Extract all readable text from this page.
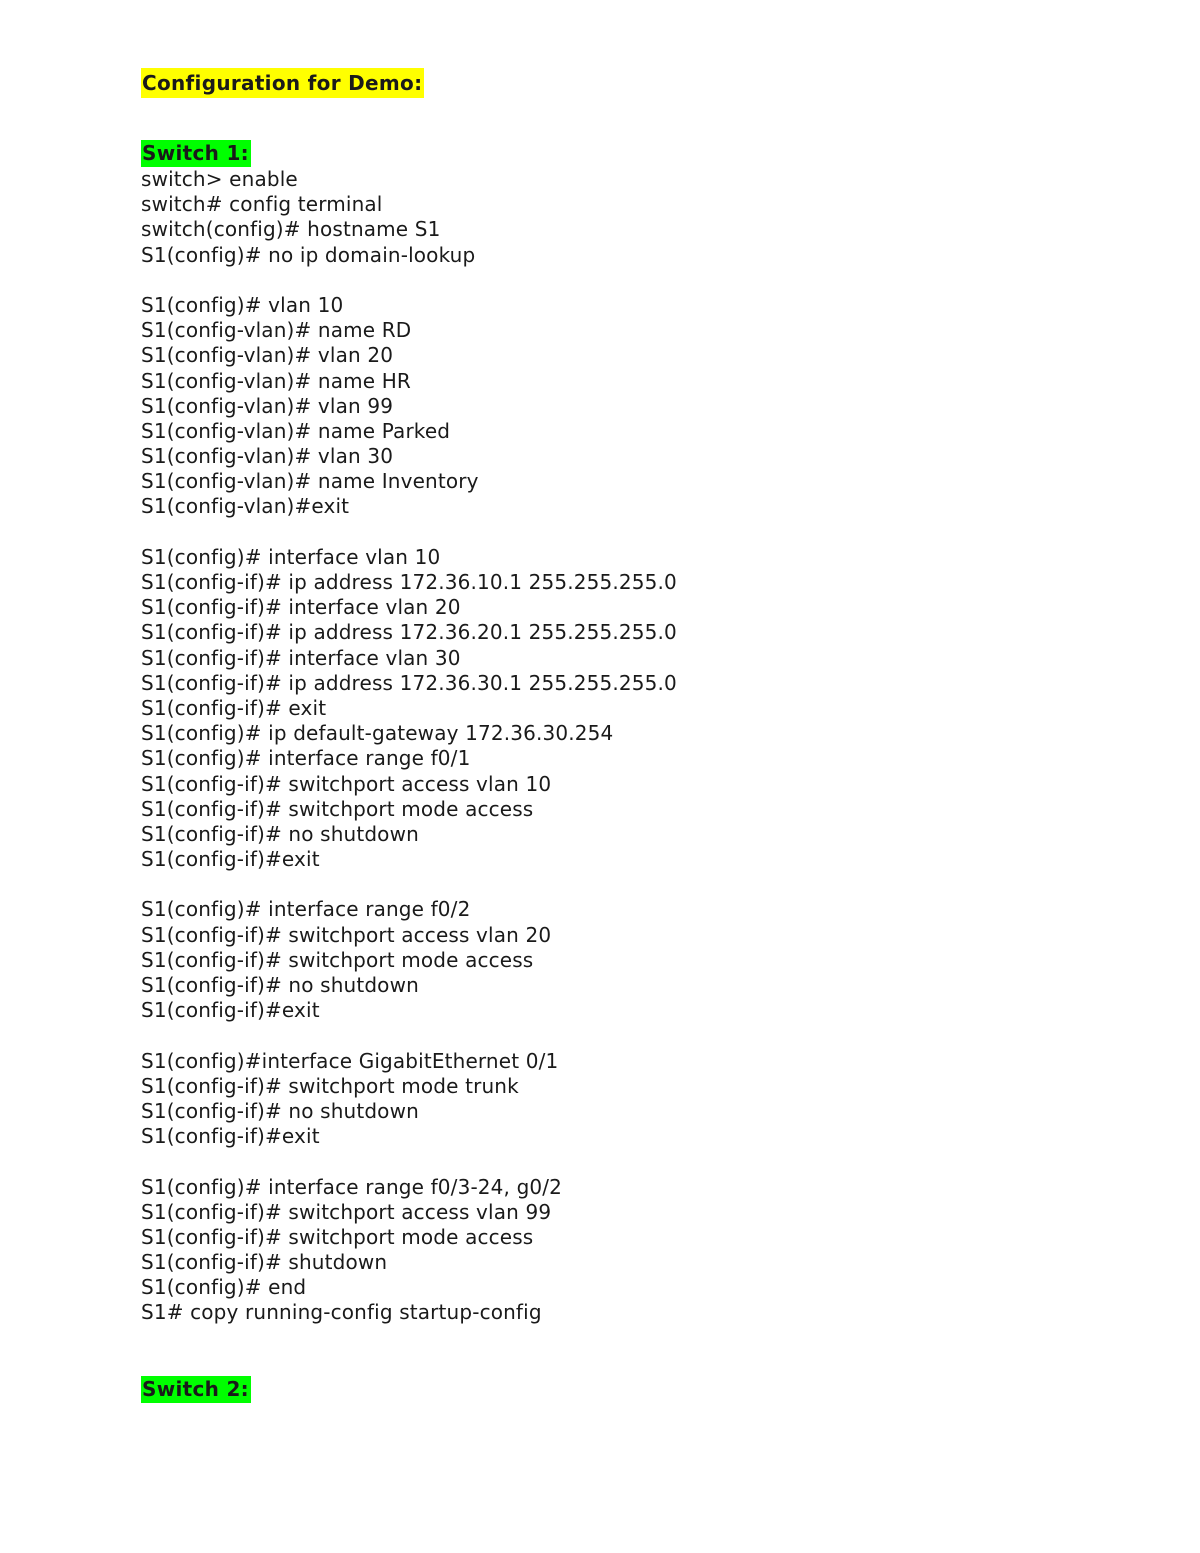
Configuration for Demo:
Switch 1:
switch> enable
switch# config terminal
switch(config)# hostname S1
S1(config)# no ip domain-lookup
S1(config)# vlan 10
S1(config-vlan)# name RD
S1(config-vlan)# vlan 20
S1(config-vlan)# name HR
S1(config-vlan)# vlan 99
S1(config-vlan)# name Parked
S1(config-vlan)# vlan 30
S1(config-vlan)# name Inventory
S1(config-vlan)#exit
S1(config)# interface vlan 10
S1(config-if)# ip address 172.36.10.1 255.255.255.0
S1(config-if)# interface vlan 20
S1(config-if)# ip address 172.36.20.1 255.255.255.0
S1(config-if)# interface vlan 30
S1(config-if)# ip address 172.36.30.1 255.255.255.0
S1(config-if)# exit
S1(config)# ip default-gateway 172.36.30.254
S1(config)# interface range f0/1
S1(config-if)# switchport access vlan 10
S1(config-if)# switchport mode access
S1(config-if)# no shutdown
S1(config-if)#exit
S1(config)# interface range f0/2
S1(config-if)# switchport access vlan 20
S1(config-if)# switchport mode access
S1(config-if)# no shutdown
S1(config-if)#exit
S1(config)#interface GigabitEthernet 0/1
S1(config-if)# switchport mode trunk
S1(config-if)# no shutdown
S1(config-if)#exit
S1(config)# interface range f0/3-24, g0/2
S1(config-if)# switchport access vlan 99
S1(config-if)# switchport mode access
S1(config-if)# shutdown
S1(config)# end
S1# copy running-config startup-config
Switch 2:
